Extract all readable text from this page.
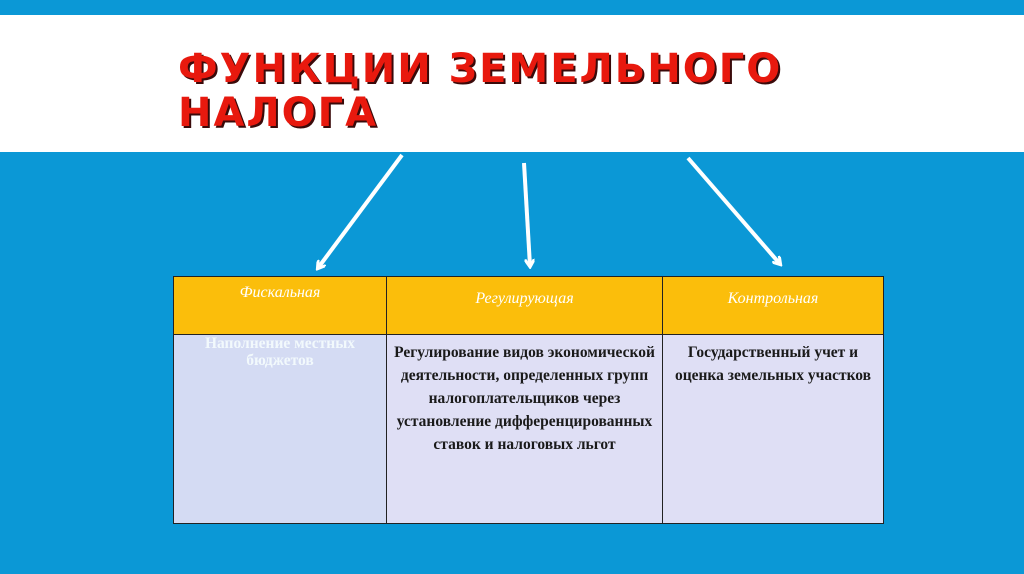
ФУНКЦИИ ЗЕМЕЛЬНОГО
НАЛОГА
Фискальная	Регулирующая	Контрольная

Наполнение местных бюджетов	Регулирование видов экономической деятельности, определенных групп налогоплательщиков через установление дифференцированных ставок и налоговых льгот	Государственный учет и оценка земельных участков
